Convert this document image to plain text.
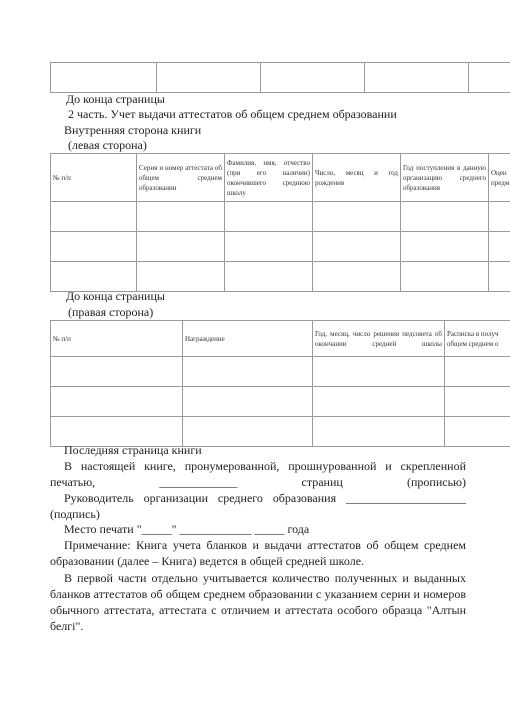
До конца страницы
2 часть. Учет выдачи аттестатов об общем среднем образовании
Внутренняя сторона книги
(левая сторона)
№ п/п	Серия и номер аттестата об общем среднем образовании	Фамилия, имя, отчество (при его наличии) окончившего среднюю школу	Число, месяц и год рождения	Год поступления в данную организацию среднего образования	Оцен предм

До конца страницы
(правая сторона)
№ п/п	Награждение	Год, месяц, число решения педсовета об окончании средней школы	Расписка в получ общем среднем о

Последняя страница книги
В настоящей книге, пронумерованной, прошнурованной и скрепленной печатью, _____________ страниц (прописью)
Руководитель организации среднего образования ____________________ (подпись)
Место печати "_____" ____________ _____ года
Примечание: Книга учета бланков и выдачи аттестатов об общем среднем образовании (далее – Книга) ведется в общей средней школе.
В первой части отдельно учитывается количество полученных и выданных бланков аттестатов об общем среднем образовании с указанием серии и номеров обычного аттестата, аттестата с отличием и аттестата особого образца "Алтын белгі".
